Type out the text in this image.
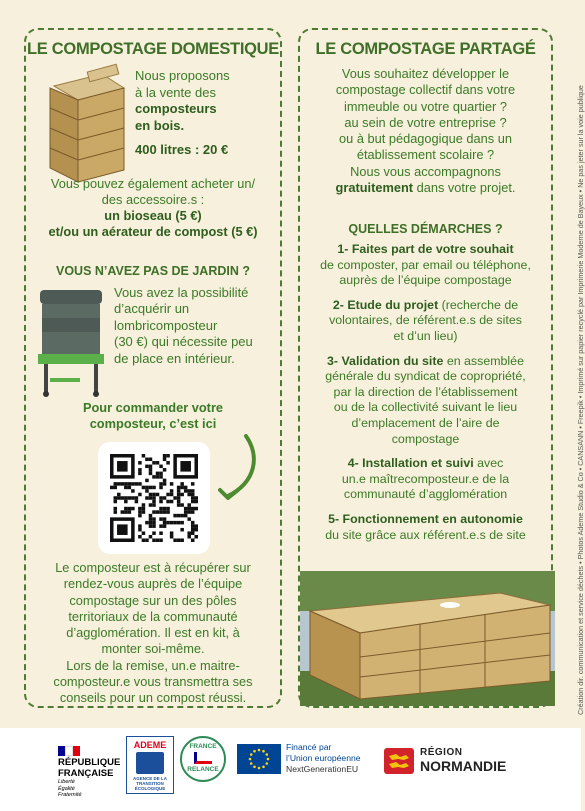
LE COMPOSTAGE DOMESTIQUE
Nous proposons
à la vente des
composteurs
en bois.
400 litres : 20 €
Vous pouvez également acheter un/
des accessoire.s :
un bioseau (5 €)
et/ou un aérateur de compost (5 €)
VOUS N’AVEZ PAS DE JARDIN ?
Vous avez la possibilité
d’acquérir un
lombricomposteur
(30 €) qui nécessite peu
de place en intérieur.
Pour commander votre
composteur, c’est ici
Le composteur est à récupérer sur
rendez-vous auprès de l’équipe
compostage sur un des pôles
territoriaux de la communauté
d’agglomération. Il est en kit, à
monter soi-même.
Lors de la remise, un.e maitre-
composteur.e vous transmettra ses
conseils pour un compost réussi.
LE COMPOSTAGE PARTAGÉ
Vous souhaitez développer le
compostage collectif dans votre
immeuble ou votre quartier ?
au sein de votre entreprise ?
ou à but pédagogique dans un
établissement scolaire ?
Nous vous accompagnons
gratuitement dans votre projet.
QUELLES DÉMARCHES ?
1- Faites part de votre souhait
de composter, par email ou téléphone,
auprès de l’équipe compostage
2- Etude du projet (recherche de
volontaires, de référent.e.s de sites
et d’un lieu)
3- Validation du site en assemblée
générale du syndicat de copropriété,
par la direction de l’établissement
ou de la collectivité suivant le lieu
d’emplacement de l’aire de
compostage
4- Installation et suivi avec
un.e maîtrecomposteur.e de la
communauté d’agglomération
5- Fonctionnement en autonomie
du site grâce aux référent.e.s de site	Création dir. communication et service déchets • Photos Ademe Studio & Co • CANSANN • Freepik • Imprimé sur papier recyclé par Imprimerie Moderne de Bayeux • Ne pas jeter sur la voie publique
RÉPUBLIQUE
FRANÇAISE
Liberté
Égalité
Fraternité
ADEME
AGENCE DE LA
TRANSITION
ÉCOLOGIQUE
FRANCE
RELANCE
Financé par
l’Union européenne
NextGenerationEU
RÉGION
NORMANDIE
